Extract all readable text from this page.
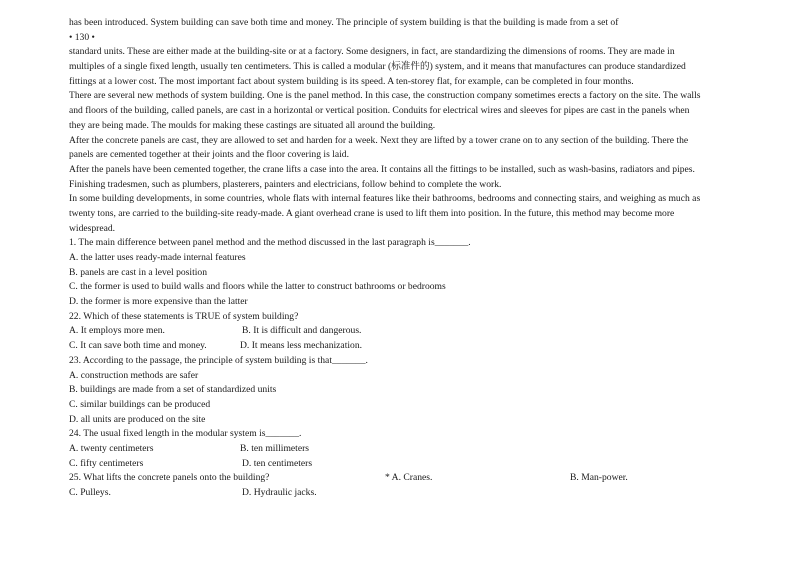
has been introduced. System building can save both time and money. The principle of system building is that the building is made from a set of
• 130 •
standard units. These are either made at the building-site or at a factory. Some designers, in fact, are standardizing the dimensions of rooms. They are made in
multiples of a single fixed length, usually ten centimeters. This is called a modular (标准件的) system, and it means that manufactures can produce standardized
fittings at a lower cost. The most important fact about system building is its speed. A ten-storey flat, for example, can be completed in four months.
There are several new methods of system building. One is the panel method. In this case, the construction company sometimes erects a factory on the site. The walls
and floors of the building, called panels, are cast in a horizontal or vertical position. Conduits for electrical wires and sleeves for pipes are cast in the panels when
they are being made. The moulds for making these castings are situated all around the building.
After the concrete panels are cast, they are allowed to set and harden for a week. Next they are lifted by a tower crane on to any section of the building. There the
panels are cemented together at their joints and the floor covering is laid.
After the panels have been cemented together, the crane lifts a case into the area. It contains all the fittings to be installed, such as wash-basins, radiators and pipes.
Finishing tradesmen, such as plumbers, plasterers, painters and electricians, follow behind to complete the work.
In some building developments, in some countries, whole flats with internal features like their bathrooms, bedrooms and connecting stairs, and weighing as much as
twenty tons, are carried to the building-site ready-made. A giant overhead crane is used to lift them into position. In the future, this method may become more
widespread.
1. The main difference between panel method and the method discussed in the last paragraph is_______.
A. the latter uses ready-made internal features
B. panels are cast in a level position
C. the former is used to build walls and floors while the latter to construct bathrooms or bedrooms
D. the former is more expensive than the latter
22. Which of these statements is TRUE of system building?
A. It employs more men.	B. It is difficult and dangerous.
C. It can save both time and money.	D. It means less mechanization.
23. According to the passage, the principle of system building is that_______.
A. construction methods are safer
B. buildings are made from a set of standardized units
C. similar buildings can be produced
D. all units are produced on the site
24. The usual fixed length in the modular system is_______.
A. twenty centimeters	B. ten millimeters
C. fifty centimeters	D. ten centimeters
25. What lifts the concrete panels onto the building?	* A. Cranes.	B. Man-power.
C. Pulleys.	D. Hydraulic jacks.
